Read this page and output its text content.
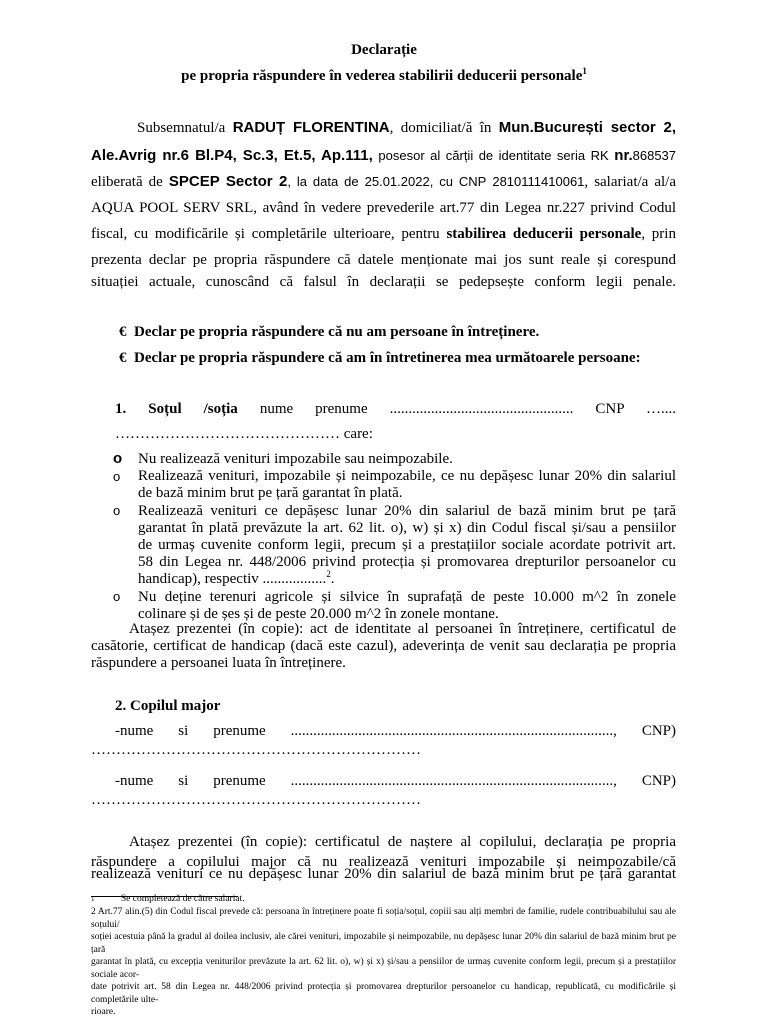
Declarație
pe propria răspundere în vederea stabilirii deducerii personale$^1$
Subsemnatul/a RADUȚ FLORENTINA, domiciliat/ă în Mun.București sector 2,
Ale.Avrig nr.6 Bl.P4, Sc.3, Et.5, Ap.111, posesor al cărții de identitate seria RK nr.868537
eliberată de SPCEP Sector 2, la data de 25.01.2022, cu CNP 2810111410061, salariat/a al/a
AQUA POOL SERV SRL, având în vedere prevederile art.77 din Legea nr.227 privind Codul
fiscal, cu modificările și completările ulterioare, pentru stabilirea deducerii personale, prin
prezenta declar pe propria răspundere că datele menționate mai jos sunt reale și corespund
situației actuale, cunoscând că falsul în declarații se pedepsește conform legii penale.
€ Declar pe propria răspundere că nu am persoane în întreținere.
€ Declar pe propria răspundere că am în întretinerea mea următoarele persoane:
1. Soțul /soția nume prenume ................................................. CNP …....
……………………………………… care:
o	Nu realizează venituri impozabile sau neimpozabile.
o	Realizează venituri, impozabile și neimpozabile, ce nu depășesc lunar 20% din salariul
de bază minim brut pe țară garantat în plată.
o	Realizează venituri ce depășesc lunar 20% din salariul de bază minim brut pe țară
garantat în plată prevăzute la art. 62 lit. o), w) și x) din Codul fiscal și/sau a pensiilor
de urmaș cuvenite conform legii, precum și a prestațiilor sociale acordate potrivit art.
58 din Legea nr. 448/2006 privind protecția și promovarea drepturilor persoanelor cu
handicap), respectiv .................$^2$.
o	Nu deține terenuri agricole și silvice în suprafață de peste 10.000 m^2 în zonele
colinare și de șes și de peste 20.000 m^2 în zonele montane.
Atașez prezentei (în copie): act de identitate al persoanei în întreținere, certificatul de
casătorie, certificat de handicap (dacă este cazul), adeverința de venit sau declarația pe propria
răspundere a persoanei luata în întreținere.
2. Copilul major
-nume si prenume ......................................................................................, CNP)
…………………………………………………………
-nume si prenume ......................................................................................, CNP)
…………………………………………………………
Atașez prezentei (în copie): certificatul de naștere al copilului, declarația pe propria
răspundere a copilului major că nu realizează venituri impozabile și neimpozabile/că
realizează venituri ce nu depășesc lunar 20% din salariul de bază minim brut pe țară garantat
$^1$	Se completează de către salariat.
2 Art.77 alin.(5) din Codul fiscal prevede că: persoana în întreținere poate fi soția/soțul, copiii sau alți membri de familie, rudele contribuabilului sau ale soțului/
soției acestuia până la gradul al doilea inclusiv, ale cărei venituri, impozabile și neimpozabile, nu depășesc lunar 20% din salariul de bază minim brut pe țară
garantat în plată, cu excepția veniturilor prevăzute la art. 62 lit. o), w) și x) și/sau a pensiilor de urmaș cuvenite conform legii, precum și a prestațiilor sociale acor-
date potrivit art. 58 din Legea nr. 448/2006 privind protecția și promovarea drepturilor persoanelor cu handicap, republicată, cu modificările și completările ulte-
rioare.
